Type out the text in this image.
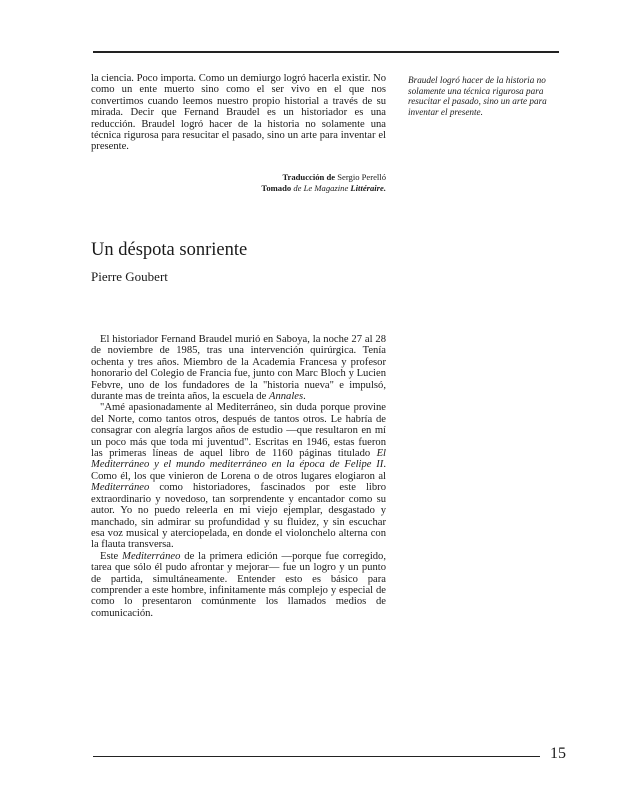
la ciencia. Poco importa. Como un demiurgo logró hacerla existir. No como un ente muerto sino como el ser vivo en el que nos convertimos cuando leemos nuestro propio historial a través de su mirada. Decir que Fernand Braudel es un historiador es una reducción. Braudel logró hacer de la historia no solamente una técnica rigurosa para resucitar el pasado, sino un arte para inventar el presente.

Traducción de Sergio Perelló
Tomado de Le Magazine Littéraire.
Braudel logró hacer de la historia no solamente una técnica rigurosa para resucitar el pasado, sino un arte para inventar el presente.
Un déspota sonriente
Pierre Goubert

El historiador Fernand Braudel murió en Saboya, la noche 27 al 28 de noviembre de 1985, tras una intervención quirúrgica. Tenía ochenta y tres años. Miembro de la Academia Francesa y profesor honorario del Colegio de Francia fue, junto con Marc Bloch y Lucien Febvre, uno de los fundadores de la "historia nueva" e impulsó, durante mas de treinta años, la escuela de Annales.

"Amé apasionadamente al Mediterráneo, sin duda porque provine del Norte, como tantos otros, después de tantos otros. Le habría de consagrar con alegría largos años de estudio —que resultaron en mí un poco más que toda mi juventud". Escritas en 1946, estas fueron las primeras líneas de aquel libro de 1160 páginas titulado El Mediterráneo y el mundo mediterráneo en la época de Felipe II. Como él, los que vinieron de Lorena o de otros lugares elogiaron al Mediterráneo como historiadores, fascinados por este libro extraordinario y novedoso, tan sorprendente y encantador como su autor. Yo no puedo releerla en mi viejo ejemplar, desgastado y manchado, sin admirar su profundidad y su fluidez, y sin escuchar esa voz musical y aterciopelada, en donde el violonchelo alterna con la flauta transversa.

Este Mediterráneo de la primera edición —porque fue corregido, tarea que sólo él pudo afrontar y mejorar— fue un logro y un punto de partida, simultáneamente. Entender esto es básico para comprender a este hombre, infinitamente más complejo y especial de como lo presentaron comúnmente los llamados medios de comunicación.

15
